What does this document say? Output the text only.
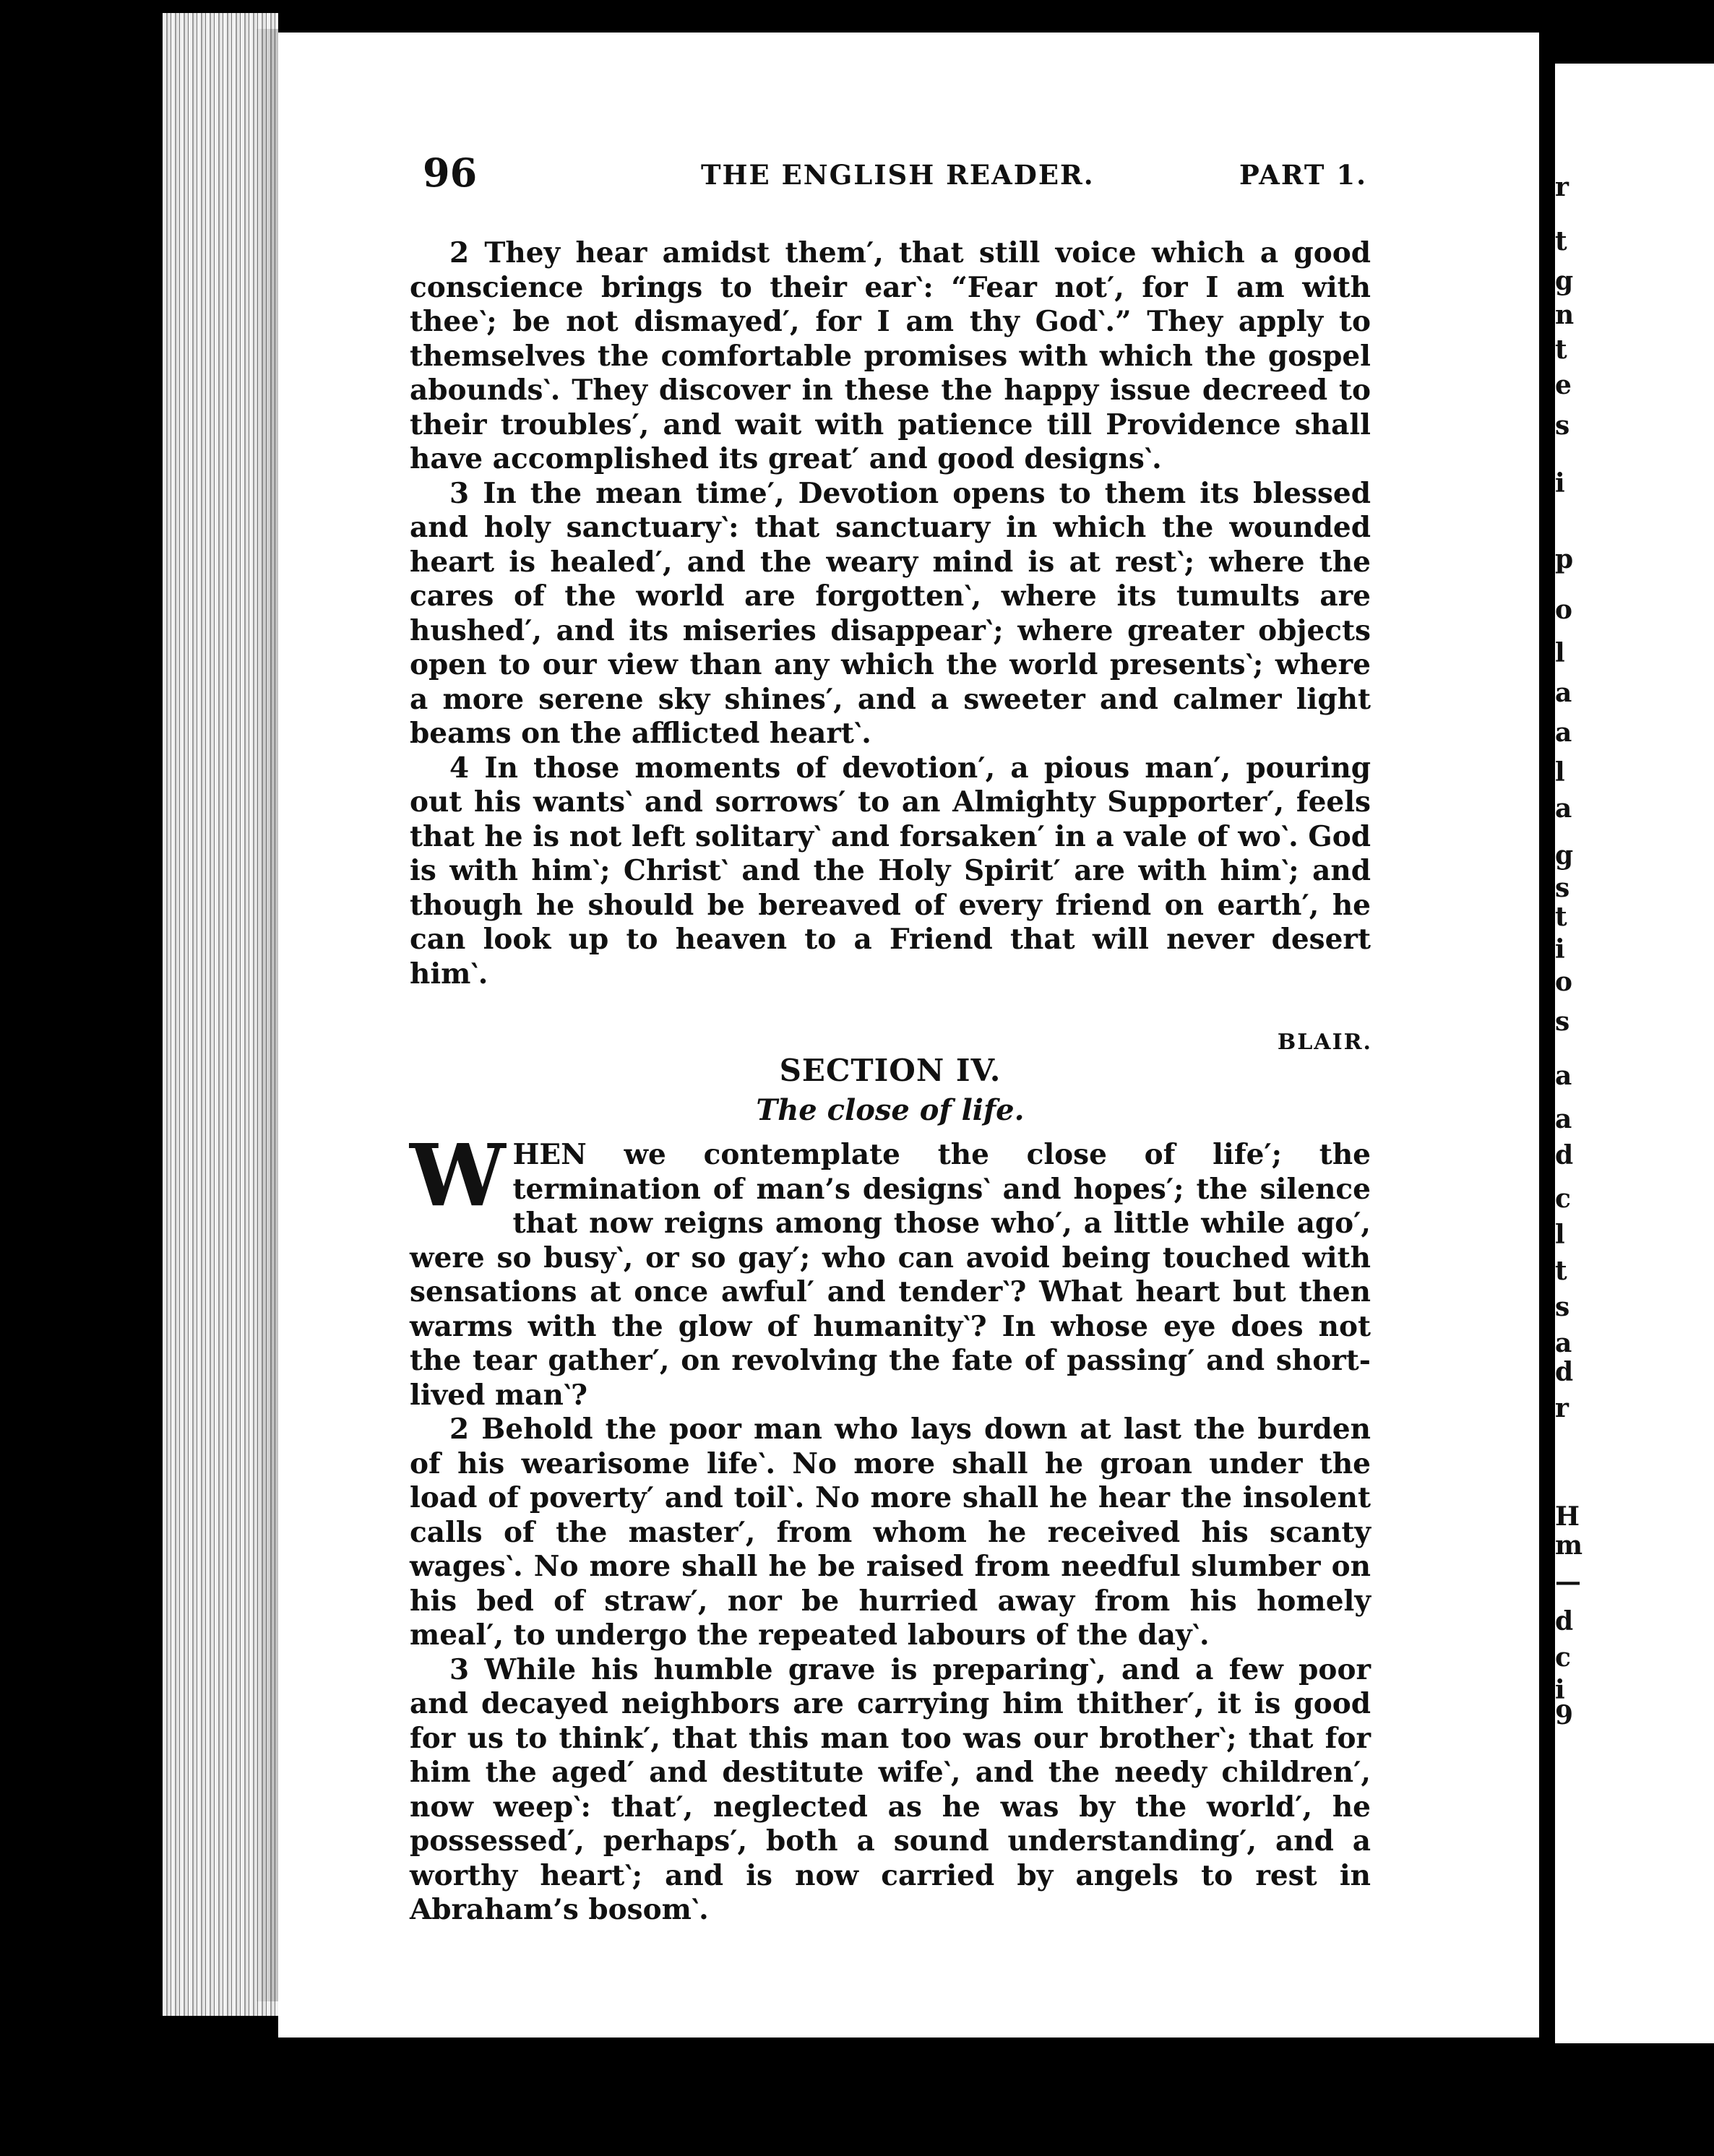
96	THE ENGLISH READER.	PART 1.

2 They hear amidst them′, that still voice which a good conscience brings to their ear‵: “Fear not′, for I am with thee‵; be not dismayed′, for I am thy God‵.” They apply to themselves the comfortable promises with which the gospel abounds‵. They discover in these the happy issue decreed to their troubles′, and wait with patience till Providence shall have accomplished its great′ and good designs‵.

3 In the mean time′, Devotion opens to them its blessed and holy sanctuary‵: that sanctuary in which the wounded heart is healed′, and the weary mind is at rest‵; where the cares of the world are forgotten‵, where its tumults are hushed′, and its miseries disappear‵; where greater objects open to our view than any which the world presents‵; where a more serene sky shines′, and a sweeter and calmer light beams on the afflicted heart‵.

4 In those moments of devotion′, a pious man′, pouring out his wants‵ and sorrows′ to an Almighty Supporter′, feels that he is not left solitary‵ and forsaken′ in a vale of wo‵. God is with him‵; Christ‵ and the Holy Spirit′ are with him‵; and though he should be bereaved of every friend on earth′, he can look up to heaven to a Friend that will never desert him‵.

BLAIR.
SECTION IV.
The close of life.

WHEN we contemplate the close of life′; the termination of man’s designs‵ and hopes′; the silence that now reigns among those who′, a little while ago′, were so busy‵, or so gay′; who can avoid being touched with sensations at once awful′ and tender‵? What heart but then warms with the glow of humanity‵? In whose eye does not the tear gather′, on revolving the fate of passing′ and short-lived man‵?

2 Behold the poor man who lays down at last the burden of his wearisome life‵. No more shall he groan under the load of poverty′ and toil‵. No more shall he hear the insolent calls of the master′, from whom he received his scanty wages‵. No more shall he be raised from needful slumber on his bed of straw′, nor be hurried away from his homely meal′, to undergo the repeated labours of the day‵.

3 While his humble grave is preparing‵, and a few poor and decayed neighbors are carrying him thither′, it is good for us to think′, that this man too was our brother‵; that for him the aged′ and destitute wife‵, and the needy children′, now weep‵: that′, neglected as he was by the world′, he possessed′, perhaps′, both a sound understanding′, and a worthy heart‵; and is now carried by angels to rest in Abraham’s bosom‵.

r
t
g
n
t
e
s
i
p
o
l
a
a
l
a
g
s
t
i
o
s
a
a
d
c
l
t
s
a
d
r
H
m
—
d
c
i
9
